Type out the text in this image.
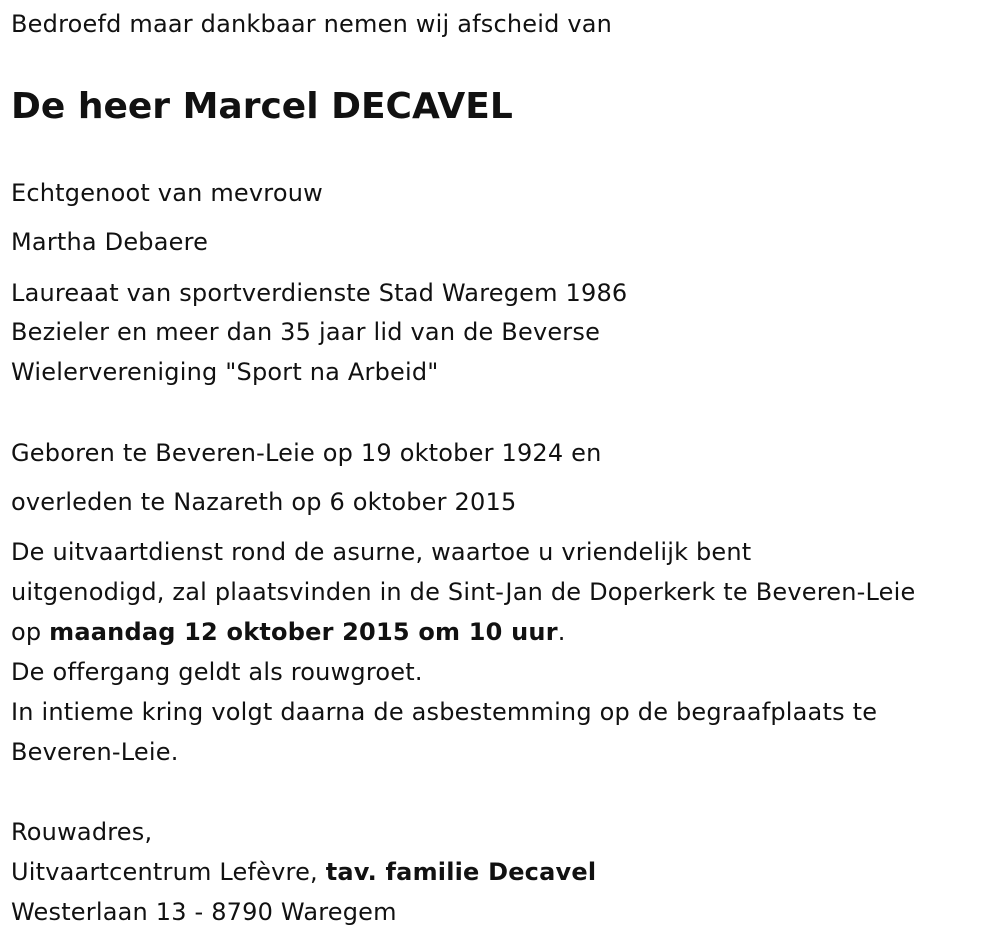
Bedroefd maar dankbaar nemen wij afscheid van
De heer Marcel DECAVEL
Echtgenoot van mevrouw
Martha Debaere
Laureaat van sportverdienste Stad Waregem 1986
Bezieler en meer dan 35 jaar lid van de Beverse
Wielervereniging "Sport na Arbeid"
Geboren te Beveren-Leie op 19 oktober 1924 en
overleden te Nazareth op 6 oktober 2015
De uitvaartdienst rond de asurne, waartoe u vriendelijk bent
uitgenodigd, zal plaatsvinden in de Sint-Jan de Doperkerk te Beveren-Leie
op maandag 12 oktober 2015 om 10 uur.
De offergang geldt als rouwgroet.
In intieme kring volgt daarna de asbestemming op de begraafplaats te
Beveren-Leie.
Rouwadres,
Uitvaartcentrum Lefèvre, tav. familie Decavel
Westerlaan 13 - 8790 Waregem
